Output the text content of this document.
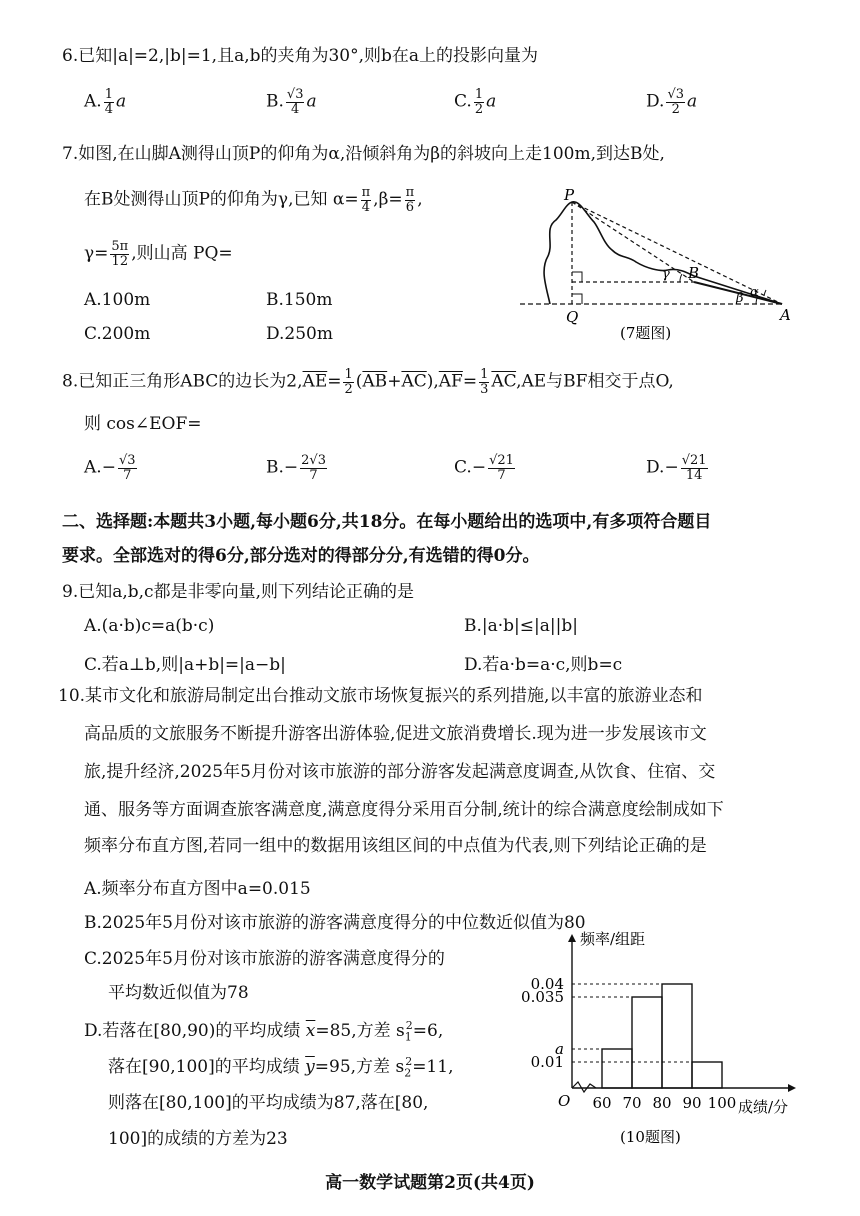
6.已知|a|=2,|b|=1,且a,b的夹角为30°,则b在a上的投影向量为
A. $\frac{1}{4}$ a	B. $\frac{√3}{4}$ a	C. $\frac{1}{2}$ a	D. $\frac{√3}{2}$ a
7.如图,在山脚A测得山顶P的仰角为α,沿倾斜角为β的斜坡向上走100m,到达B处,
在B处测得山顶P的仰角为γ,已知 $\alpha= \frac{\pi}{4} ,\beta= \frac{\pi}{6}$ ,
$\gamma= \frac{5\pi}{12}$ ,则山高 PQ=
A.100m	B.150m
C.200m	D.250m
P
Q	A
B
γ
β α
(7题图)
8.已知正三角形ABC的边长为$2,\overline{AE}= \frac{1}{2} (\overline{AB}+\overline{AC}),\overline{AF}= \frac{1}{3} \overline{AC},AE$与BF相交于点O,
则 cos∠EOF=
$A.- \frac{√3}{7}$	$B.- \frac{2√3}{7}$	$C.- \frac{√21}{7}$	$D.- \frac{√21}{14}$
二、选择题:本题共3小题,每小题6分,共18分。在每小题给出的选项中,有多项符合题目
要求。全部选对的得6分,部分选对的得部分分,有选错的得0分。
9.已知a,b,c都是非零向量,则下列结论正确的是
A.(a·b)c=a(b·c)	B.|a·b|≤|a||b|
C.若a⊥b,则|a+b|=|a−b|	D.若a·b=a·c,则b=c
10.某市文化和旅游局制定出台推动文旅市场恢复振兴的系列措施,以丰富的旅游业态和
高品质的文旅服务不断提升游客出游体验,促进文旅消费增长.现为进一步发展该市文
旅,提升经济,2025年5月份对该市旅游的部分游客发起满意度调查,从饮食、住宿、交
通、服务等方面调查旅客满意度,满意度得分采用百分制,统计的综合满意度绘制成如下
频率分布直方图,若同一组中的数据用该组区间的中点值为代表,则下列结论正确的是
A.频率分布直方图中a=0.015
B.2025年5月份对该市旅游的游客满意度得分的中位数近似值为80
C.2025年5月份对该市旅游的游客满意度得分的
平均数近似值为78
D.若落在[80,90)的平均成绩 $\overline{x}=85$,方差 $s_1^2=6$,
落在[90,100]的平均成绩 $\overline{y}=95$,方差 $s_2^2=11$,
则落在[80,100]的平均成绩为87,落在[80,
100]的成绩的方差为23
0.04
0.035
a
0.01
60 70 80 90 100
O
频率/组距
成绩/分
(10题图)
高一数学试题第2页(共4页)
